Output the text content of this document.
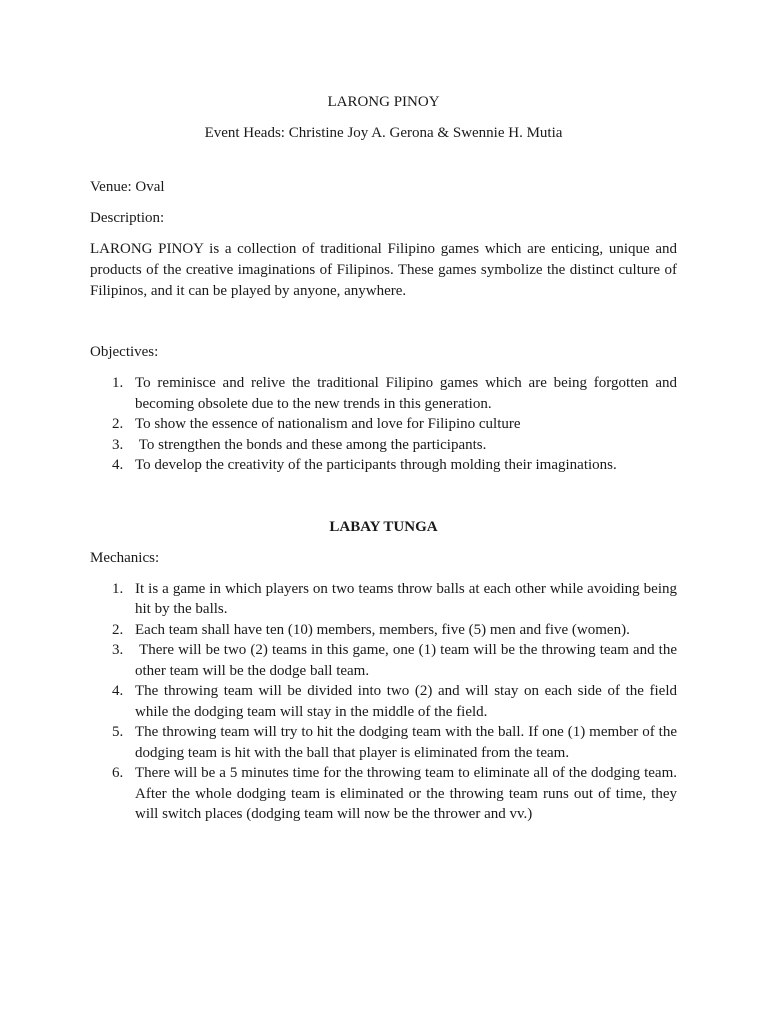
LARONG PINOY

Event Heads: Christine Joy A. Gerona & Swennie H. Mutia

Venue: Oval

Description:

LARONG PINOY is a collection of traditional Filipino games which are enticing, unique and products of the creative imaginations of Filipinos. These games symbolize the distinct culture of Filipinos, and it can be played by anyone, anywhere.

Objectives:

1. To reminisce and relive the traditional Filipino games which are being forgotten and becoming obsolete due to the new trends in this generation.
2. To show the essence of nationalism and love for Filipino culture
3. To strengthen the bonds and these among the participants.
4. To develop the creativity of the participants through molding their imaginations.

LABAY TUNGA

Mechanics:

1. It is a game in which players on two teams throw balls at each other while avoiding being hit by the balls.
2. Each team shall have ten (10) members, members, five (5) men and five (women).
3. There will be two (2) teams in this game, one (1) team will be the throwing team and the other team will be the dodge ball team.
4. The throwing team will be divided into two (2) and will stay on each side of the field while the dodging team will stay in the middle of the field.
5. The throwing team will try to hit the dodging team with the ball. If one (1) member of the dodging team is hit with the ball that player is eliminated from the team.
6. There will be a 5 minutes time for the throwing team to eliminate all of the dodging team. After the whole dodging team is eliminated or the throwing team runs out of time, they will switch places (dodging team will now be the thrower and vv.)
